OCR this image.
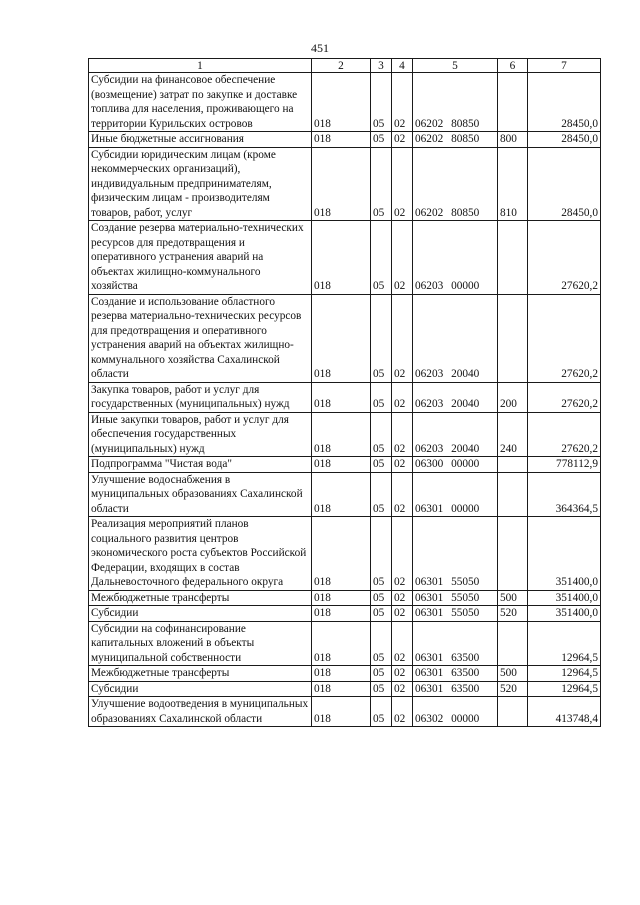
451
1	2	3	4	5	6	7
Субсидии на финансовое обеспечение (возмещение) затрат по закупке и доставке топлива для населения, проживающего на территории Курильских островов	018	05	02	06202 80850		28450,0
Иные бюджетные ассигнования	018	05	02	06202 80850	800	28450,0
Субсидии юридическим лицам (кроме некоммерческих организаций), индивидуальным предпринимателям, физическим лицам - производителям товаров, работ, услуг	018	05	02	06202 80850	810	28450,0
Создание резерва материально-технических ресурсов для предотвращения и оперативного устранения аварий на объектах жилищно-коммунального хозяйства	018	05	02	06203 00000		27620,2
Создание и использование областного резерва материально-технических ресурсов для предотвращения и оперативного устранения аварий на объектах жилищно-коммунального хозяйства Сахалинской области	018	05	02	06203 20040		27620,2
Закупка товаров, работ и услуг для государственных (муниципальных) нужд	018	05	02	06203 20040	200	27620,2
Иные закупки товаров, работ и услуг для обеспечения государственных (муниципальных) нужд	018	05	02	06203 20040	240	27620,2
Подпрограмма "Чистая вода"	018	05	02	06300 00000		778112,9
Улучшение водоснабжения в муниципальных образованиях Сахалинской области	018	05	02	06301 00000		364364,5
Реализация мероприятий планов социального развития центров экономического роста субъектов Российской Федерации, входящих в состав Дальневосточного федерального округа	018	05	02	06301 55050		351400,0
Межбюджетные трансферты	018	05	02	06301 55050	500	351400,0
Субсидии	018	05	02	06301 55050	520	351400,0
Субсидии на софинансирование капитальных вложений в объекты муниципальной собственности	018	05	02	06301 63500		12964,5
Межбюджетные трансферты	018	05	02	06301 63500	500	12964,5
Субсидии	018	05	02	06301 63500	520	12964,5
Улучшение водоотведения в муниципальных образованиях Сахалинской области	018	05	02	06302 00000		413748,4
